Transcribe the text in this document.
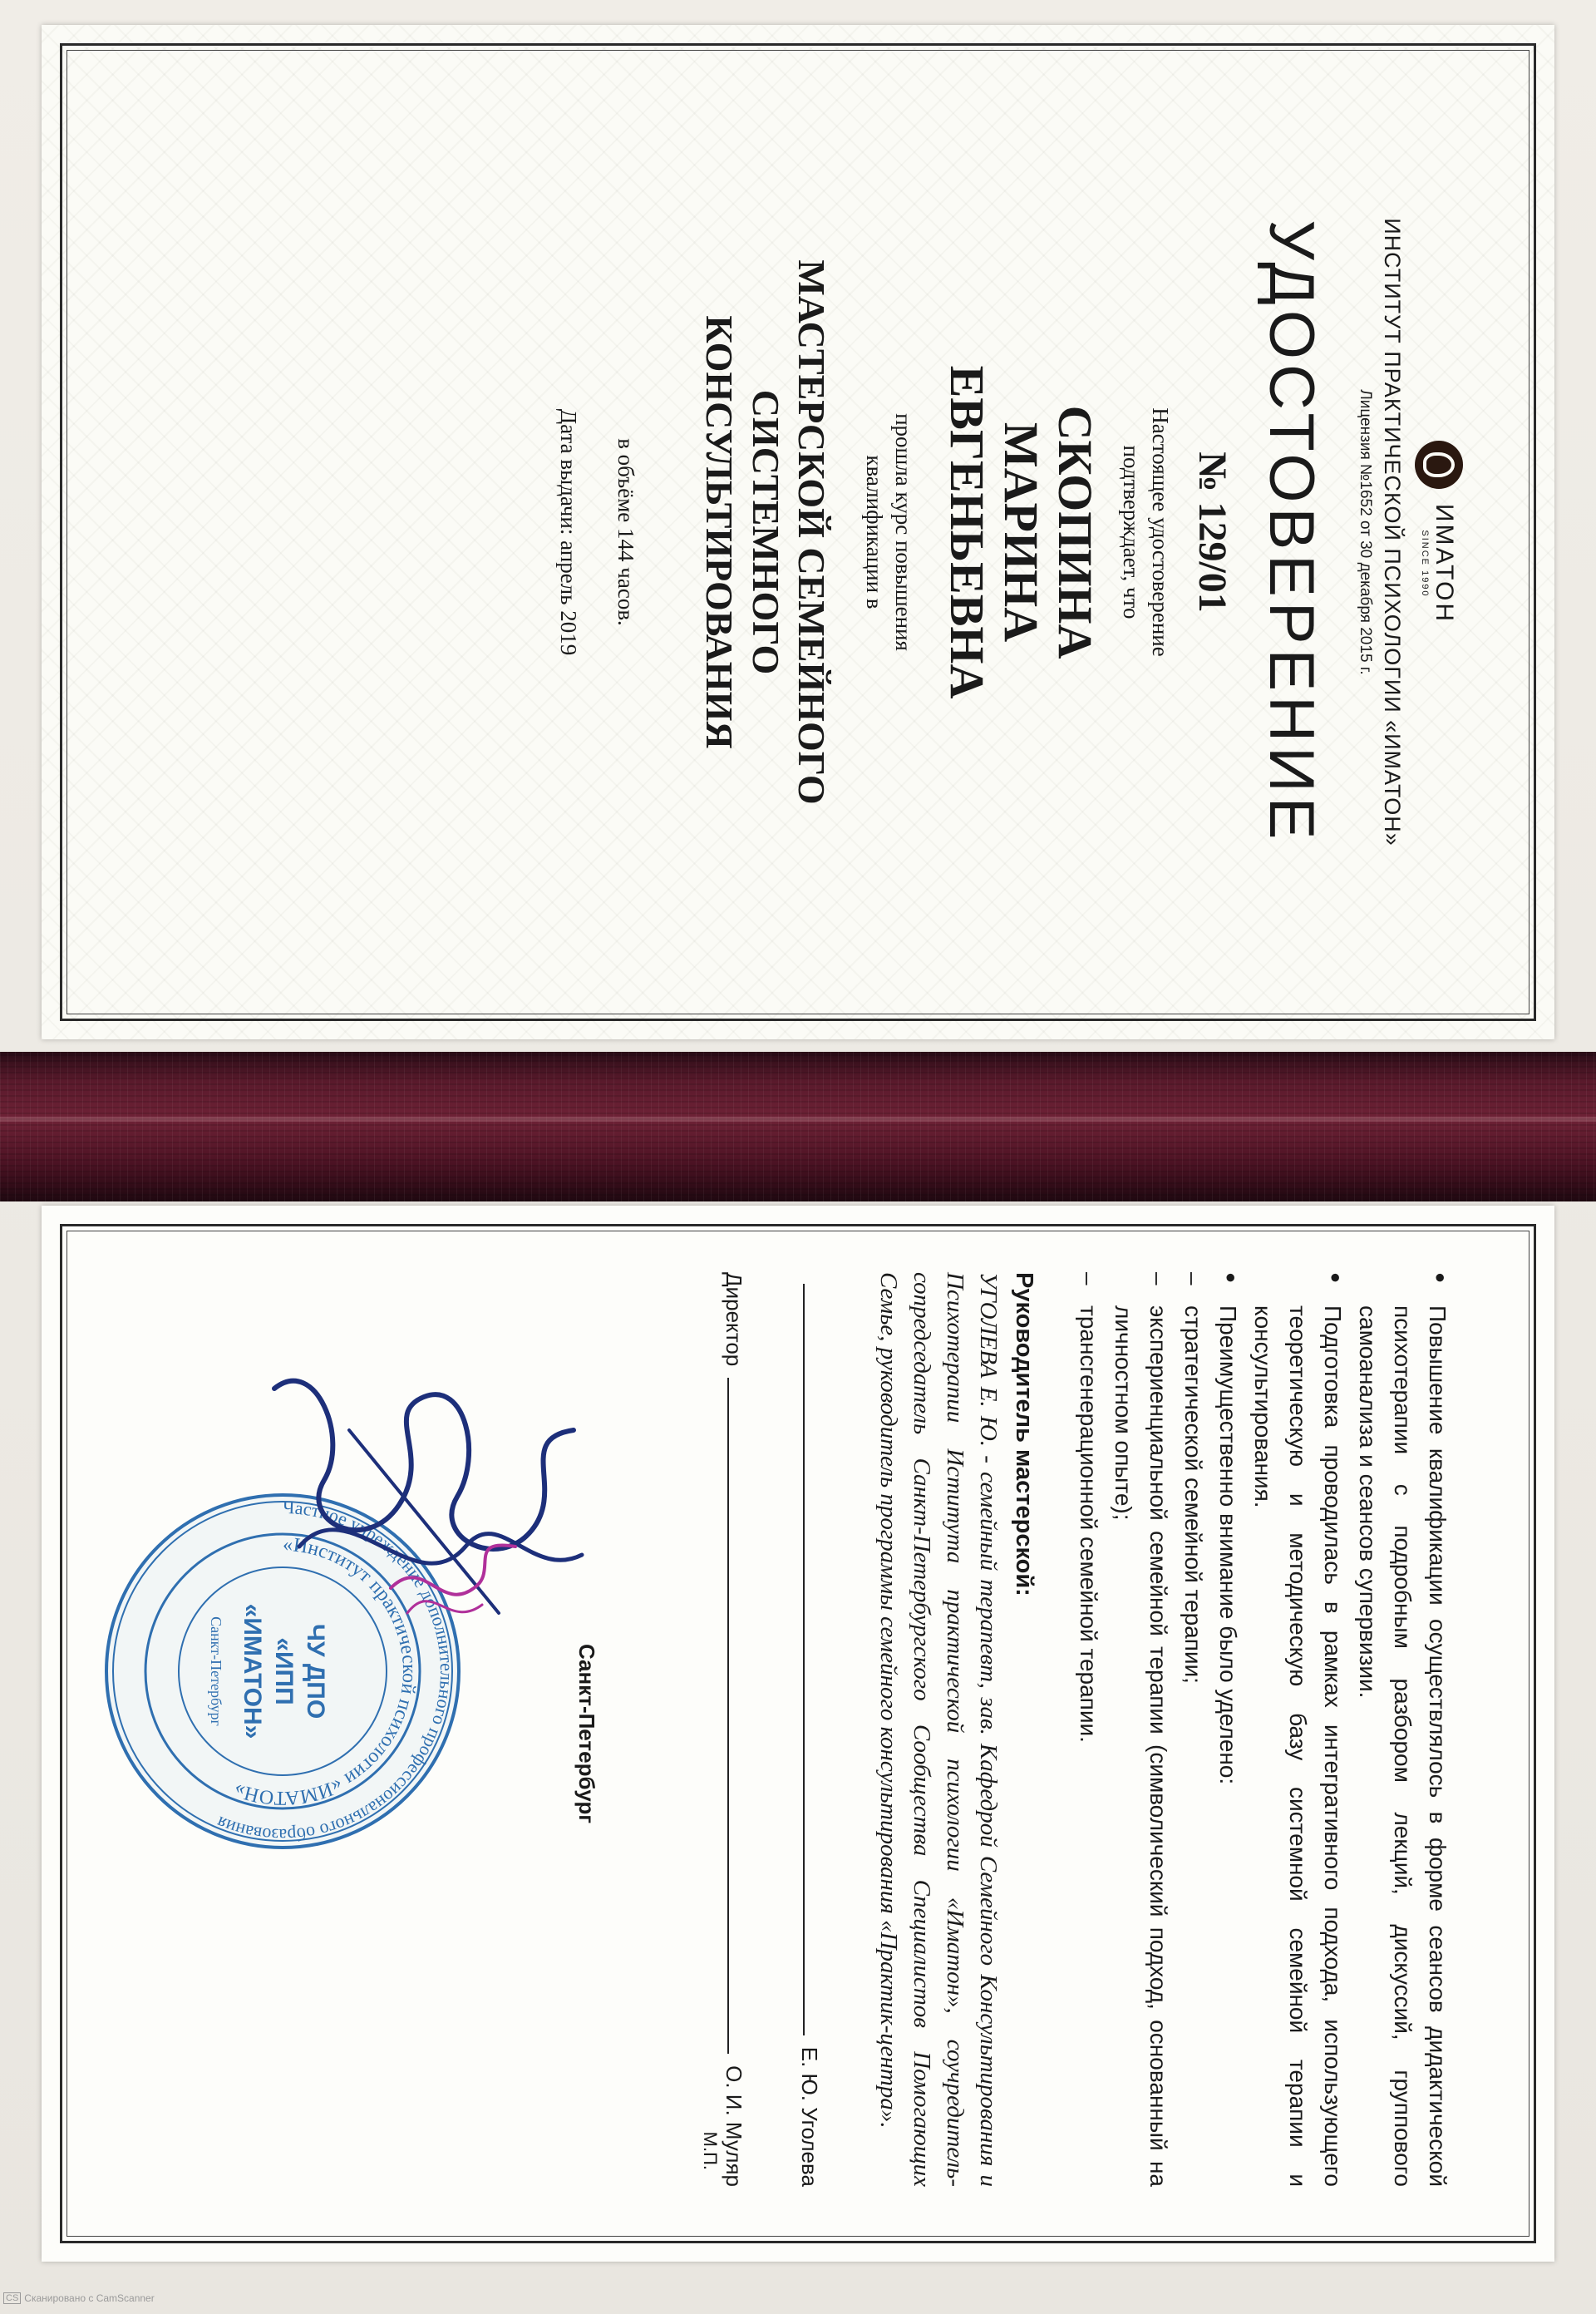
ИМАТОН
SINCE 1990
ИНСТИТУТ ПРАКТИЧЕСКОЙ ПСИХОЛОГИИ «ИМАТОН»
Лицензия №1652 от 30 декабря 2015 г.
УДОСТОВЕРЕНИЕ
№ 129/01
Настоящее удостоверение
подтверждает, что
СКОПИНА
МАРИНА
ЕВГЕНЬЕВНА
прошла курс повышения
квалификации в
МАСТЕРСКОЙ СЕМЕЙНОГО
СИСТЕМНОГО
КОНСУЛЬТИРОВАНИЯ
в объёме 144 часов.
Дата выдачи: апрель 2019
● Повышение квалификации осуществлялось в форме сеансов дидактической психотерапии с подробным разбором лекций, дискуссий, группового самоанализа и сеансов супервизии.
● Подготовка проводилась в рамках интегративного подхода, использующего теоретическую и методическую базу системной семейной терапии и консультирования.
● Преимущественно внимание было уделено:
– стратегической семейной терапии;
– экспериенциальной семейной терапии (символический подход, основанный на личностном опыте);
– трансгенерационной семейной терапии.
Руководитель мастерской:
УГОЛЕВА Е. Ю. - семейный терапевт, зав. Кафедрой Семейного Консультирования и Психотерапии Иститута практической психологии «Иматон», соучредитель-сопредседатель Санкт-Петербургского Сообщества Специалистов Помогающих Семье, руководитель программы семейного консультирования «Практик-центра».
Е. Ю. Уголева
Директор
О. И. Муляр
М.П.
Санкт-Петербург
Частное учреждение дополнительного профессионального образования
«Институт практической психологии «ИМАТОН»
ЧУ ДПО
«ИПП
«ИМАТОН»
Санкт-Петербург
CS Сканировано с CamScanner
